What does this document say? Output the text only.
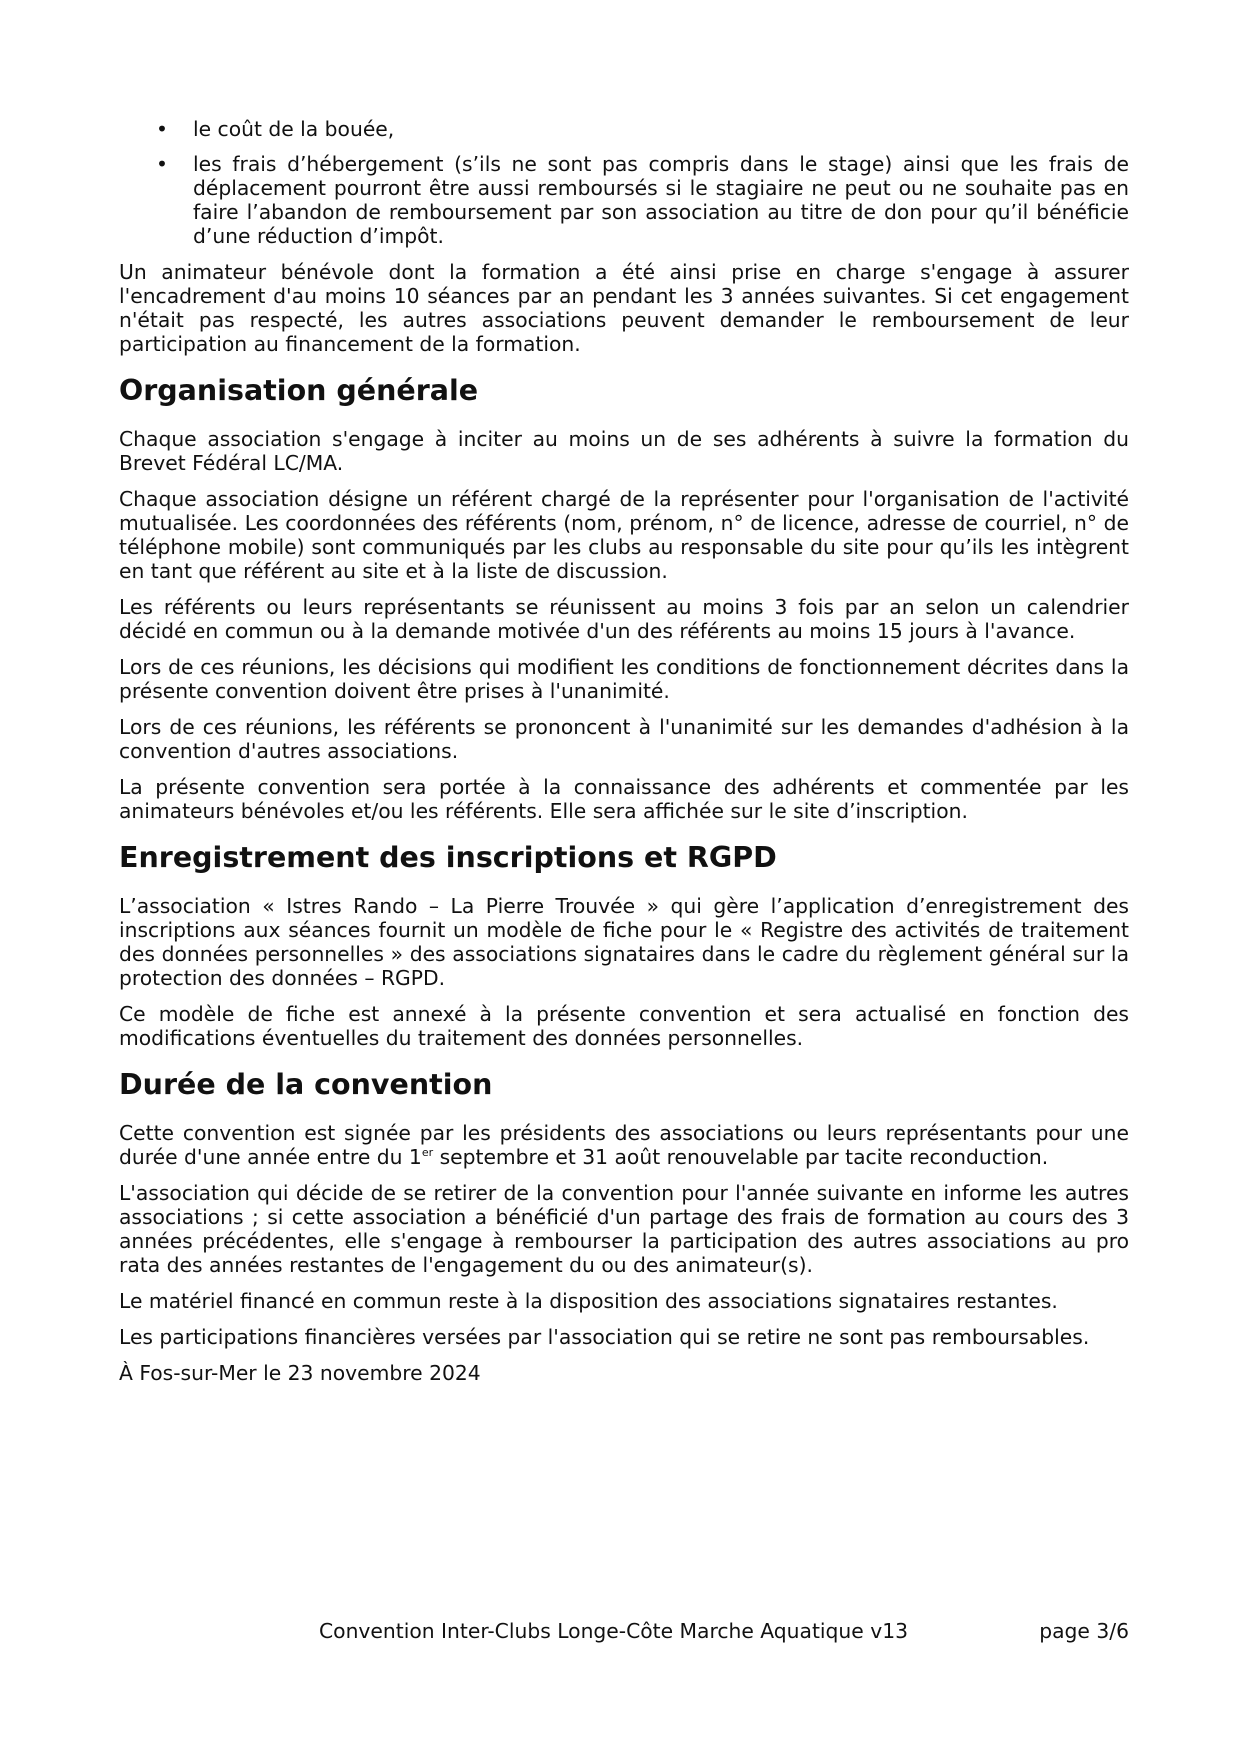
• le coût de la bouée,
• les frais d’hébergement (s’ils ne sont pas compris dans le stage) ainsi que les frais de déplacement pourront être aussi remboursés si le stagiaire ne peut ou ne souhaite pas en faire l’abandon de remboursement par son association au titre de don pour qu’il bénéficie d’une réduction d’impôt.

Un animateur bénévole dont la formation a été ainsi prise en charge s'engage à assurer l'encadrement d'au moins 10 séances par an pendant les 3 années suivantes. Si cet engagement n'était pas respecté, les autres associations peuvent demander le remboursement de leur participation au financement de la formation.

Organisation générale

Chaque association s'engage à inciter au moins un de ses adhérents à suivre la formation du Brevet Fédéral LC/MA.

Chaque association désigne un référent chargé de la représenter pour l'organisation de l'activité mutualisée. Les coordonnées des référents (nom, prénom, n° de licence, adresse de courriel, n° de téléphone mobile) sont communiqués par les clubs au responsable du site pour qu’ils les intègrent en tant que référent au site et à la liste de discussion.

Les référents ou leurs représentants se réunissent au moins 3 fois par an selon un calendrier décidé en commun ou à la demande motivée d'un des référents au moins 15 jours à l'avance.

Lors de ces réunions, les décisions qui modifient les conditions de fonctionnement décrites dans la présente convention doivent être prises à l'unanimité.

Lors de ces réunions, les référents se prononcent à l'unanimité sur les demandes d'adhésion à la convention d'autres associations.

La présente convention sera portée à la connaissance des adhérents et commentée par les animateurs bénévoles et/ou les référents. Elle sera affichée sur le site d’inscription.

Enregistrement des inscriptions et RGPD

L’association « Istres Rando – La Pierre Trouvée » qui gère l’application d’enregistrement des inscriptions aux séances fournit un modèle de fiche pour le « Registre des activités de traitement des données personnelles » des associations signataires dans le cadre du règlement général sur la protection des données – RGPD.

Ce modèle de fiche est annexé à la présente convention et sera actualisé en fonction des modifications éventuelles du traitement des données personnelles.

Durée de la convention

Cette convention est signée par les présidents des associations ou leurs représentants pour une durée d'une année entre du 1er septembre et 31 août renouvelable par tacite reconduction.

L'association qui décide de se retirer de la convention pour l'année suivante en informe les autres associations ; si cette association a bénéficié d'un partage des frais de formation au cours des 3 années précédentes, elle s'engage à rembourser la participation des autres associations au pro rata des années restantes de l'engagement du ou des animateur(s).

Le matériel financé en commun reste à la disposition des associations signataires restantes.

Les participations financières versées par l'association qui se retire ne sont pas remboursables.

À Fos-sur-Mer le 23 novembre 2024

Convention Inter-Clubs Longe-Côte Marche Aquatique v13	page 3/6
